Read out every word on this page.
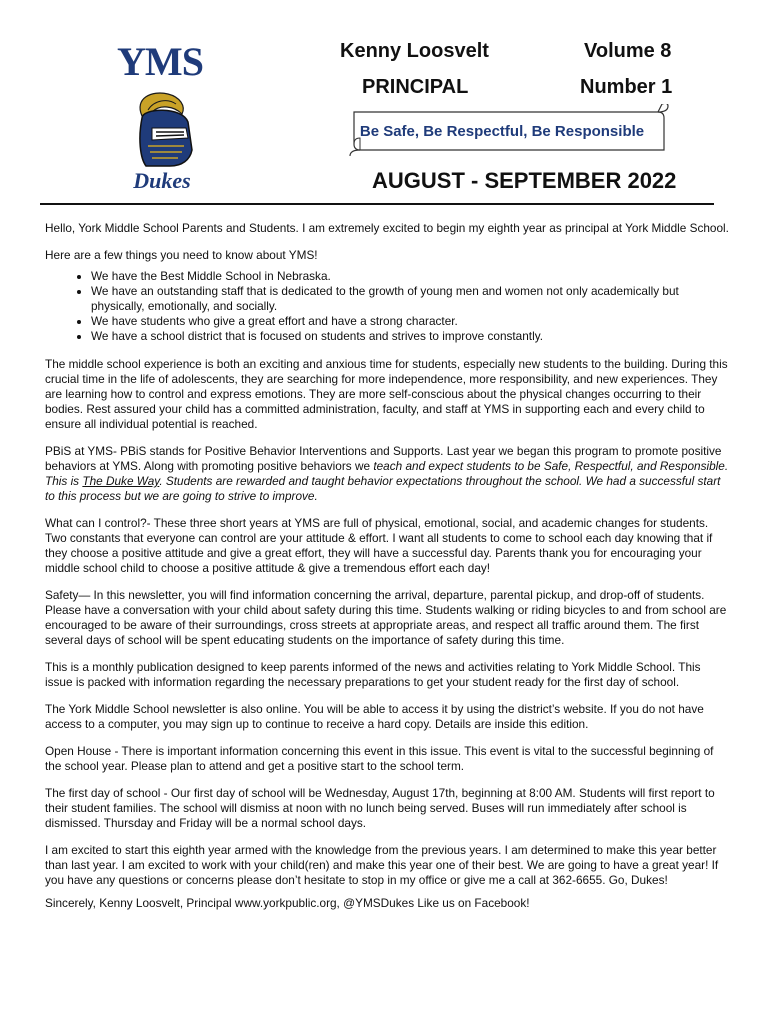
YMS
Dukes
Kenny Loosvelt	Volume 8
PRINCIPAL	Number 1
Be Safe, Be Respectful, Be Responsible
AUGUST - SEPTEMBER 2022

Hello, York Middle School Parents and Students. I am extremely excited to begin my eighth year as principal at York Middle School.

Here are a few things you need to know about YMS!

• We have the Best Middle School in Nebraska.
• We have an outstanding staff that is dedicated to the growth of young men and women not only academically but physically, emotionally, and socially.
• We have students who give a great effort and have a strong character.
• We have a school district that is focused on students and strives to improve constantly.

The middle school experience is both an exciting and anxious time for students, especially new students to the building. During this crucial time in the life of adolescents, they are searching for more independence, more responsibility, and new experiences. They are learning how to control and express emotions. They are more self-conscious about the physical changes occurring to their bodies. Rest assured your child has a committed administration, faculty, and staff at YMS in supporting each and every child to ensure all individual potential is reached.

PBiS at YMS- PBiS stands for Positive Behavior Interventions and Supports. Last year we began this program to promote positive behaviors at YMS. Along with promoting positive behaviors we teach and expect students to be Safe, Respectful, and Responsible. This is The Duke Way. Students are rewarded and taught behavior expectations throughout the school. We had a successful start to this process but we are going to strive to improve.

What can I control?- These three short years at YMS are full of physical, emotional, social, and academic changes for students. Two constants that everyone can control are your attitude & effort. I want all students to come to school each day knowing that if they choose a positive attitude and give a great effort, they will have a successful day. Parents thank you for encouraging your middle school child to choose a positive attitude & give a tremendous effort each day!

Safety— In this newsletter, you will find information concerning the arrival, departure, parental pickup, and drop-off of students. Please have a conversation with your child about safety during this time. Students walking or riding bicycles to and from school are encouraged to be aware of their surroundings, cross streets at appropriate areas, and respect all traffic around them. The first several days of school will be spent educating students on the importance of safety during this time.

This is a monthly publication designed to keep parents informed of the news and activities relating to York Middle School. This issue is packed with information regarding the necessary preparations to get your student ready for the first day of school.

The York Middle School newsletter is also online. You will be able to access it by using the district’s website. If you do not have access to a computer, you may sign up to continue to receive a hard copy. Details are inside this edition.

Open House - There is important information concerning this event in this issue. This event is vital to the successful beginning of the school year. Please plan to attend and get a positive start to the school term.

The first day of school - Our first day of school will be Wednesday, August 17th, beginning at 8:00 AM. Students will first report to their student families. The school will dismiss at noon with no lunch being served. Buses will run immediately after school is dismissed. Thursday and Friday will be a normal school days.

I am excited to start this eighth year armed with the knowledge from the previous years. I am determined to make this year better than last year. I am excited to work with your child(ren) and make this year one of their best. We are going to have a great year! If you have any questions or concerns please don’t hesitate to stop in my office or give me a call at 362-6655. Go, Dukes!

Sincerely, Kenny Loosvelt, Principal www.yorkpublic.org, @YMSDukes Like us on Facebook!
